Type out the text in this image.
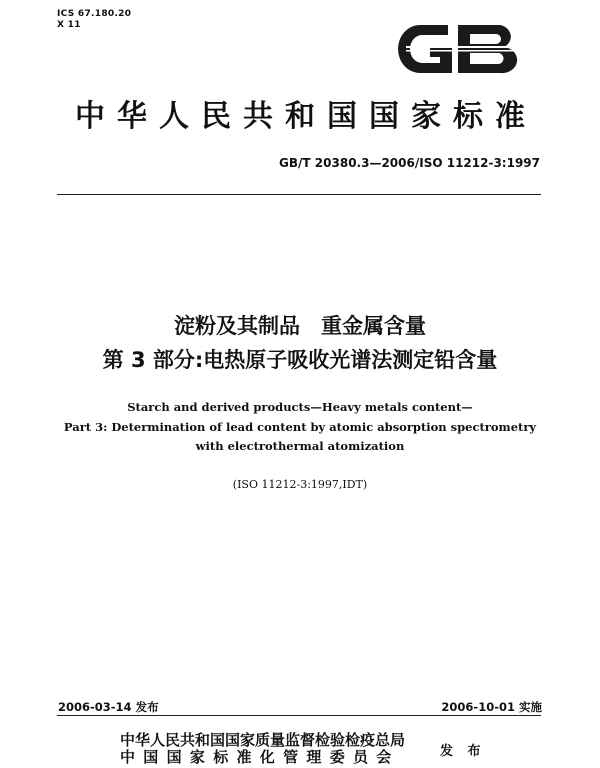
ICS 67.180.20
X 11
中华人民共和国国家标准
GB/T 20380.3—2006/ISO 11212-3:1997
淀粉及其制品　重金属含量
第 3 部分:电热原子吸收光谱法测定铅含量
Starch and derived products—Heavy metals content—
Part 3: Determination of lead content by atomic absorption spectrometry
with electrothermal atomization
(ISO 11212-3:1997,IDT)
2006-03-14 发布	2006-10-01 实施
中华人民共和国国家质量监督检验检疫总局
中国国家标准化管理委员会	发 布
